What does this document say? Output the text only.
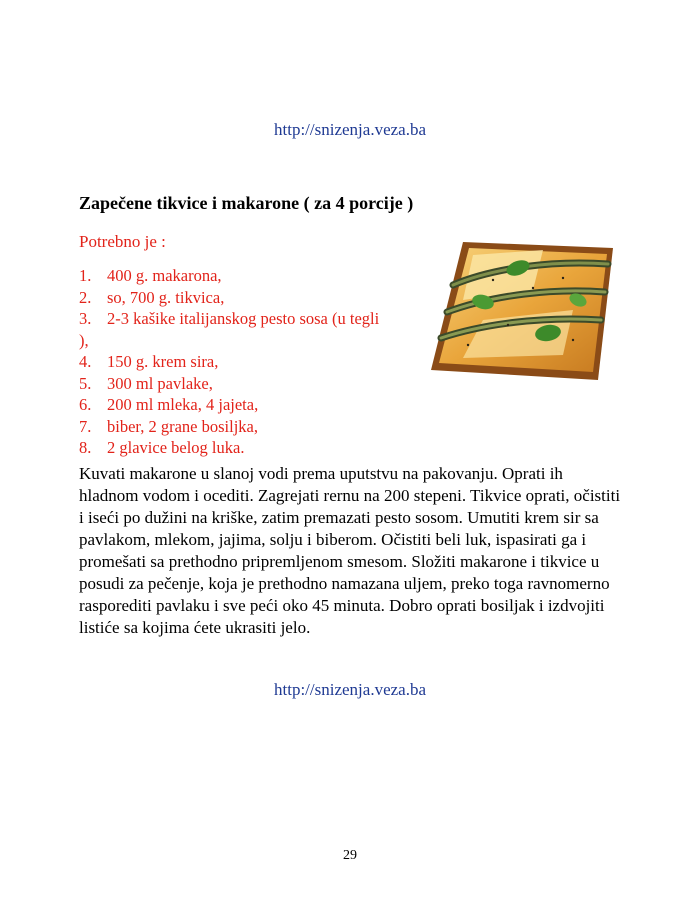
http://snizenja.veza.ba
Zapečene tikvice i makarone ( za 4 porcije )
Potrebno je :
1. 400 g. makarona,
2. so, 700 g. tikvica,
3. 2-3 kašike italijanskog pesto sosa (u tegli
),
4. 150 g. krem sira,
5. 300 ml pavlake,
6. 200 ml mleka, 4 jajeta,
7. biber, 2 grane bosiljka,
8. 2 glavice belog luka.

Kuvati makarone u slanoj vodi prema uputstvu na pakovanju. Oprati ih hladnom vodom i ocediti. Zagrejati rernu na 200 stepeni. Tikvice oprati, očistiti i iseći po dužini na kriške, zatim premazati pesto sosom. Umutiti krem sir sa pavlakom, mlekom, jajima, solju i biberom. Očistiti beli luk, ispasirati ga i promešati sa prethodno pripremljenom smesom. Složiti makarone i tikvice u posudi za pečenje, koja je prethodno namazana uljem, preko toga ravnomerno rasporediti pavlaku i sve peći oko 45 minuta. Dobro oprati bosiljak i izdvojiti listiće sa kojima ćete ukrasiti jelo.

http://snizenja.veza.ba
29
